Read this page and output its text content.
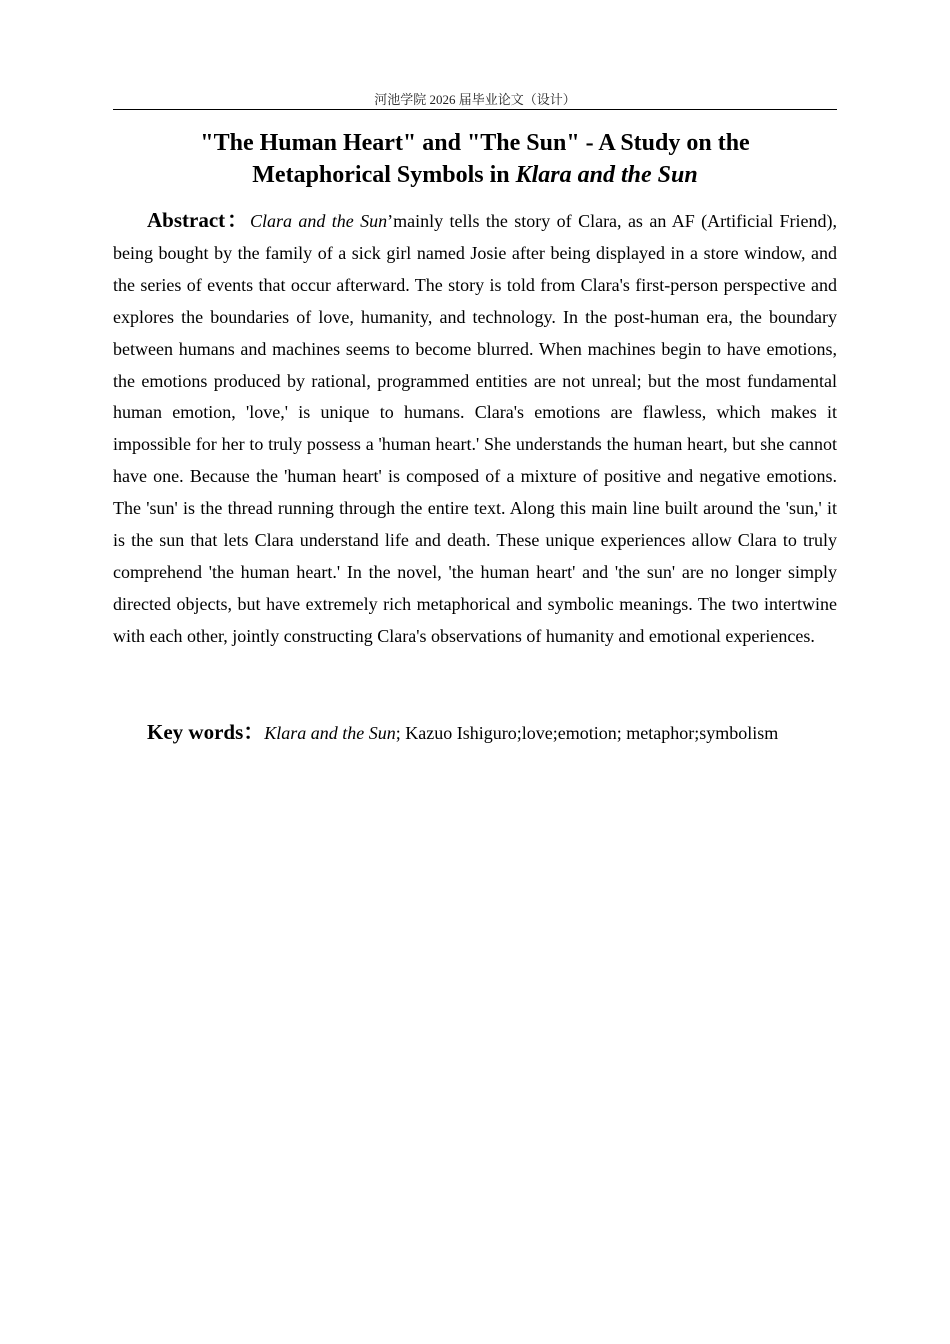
河池学院 2026 届毕业论文（设计）
"The Human Heart" and "The Sun" - A Study on the
Metaphorical Symbols in Klara and the Sun

Abstract：Clara and the Sun’mainly tells the story of Clara, as an AF (Artificial Friend), being bought by the family of a sick girl named Josie after being displayed in a store window, and the series of events that occur afterward. The story is told from Clara's first-person perspective and explores the boundaries of love, humanity, and technology. In the post-human era, the boundary between humans and machines seems to become blurred. When machines begin to have emotions, the emotions produced by rational, programmed entities are not unreal; but the most fundamental human emotion, 'love,' is unique to humans. Clara's emotions are flawless, which makes it impossible for her to truly possess a 'human heart.' She understands the human heart, but she cannot have one. Because the 'human heart' is composed of a mixture of positive and negative emotions. The 'sun' is the thread running through the entire text. Along this main line built around the 'sun,' it is the sun that lets Clara understand life and death. These unique experiences allow Clara to truly comprehend 'the human heart.' In the novel, 'the human heart' and 'the sun' are no longer simply directed objects, but have extremely rich metaphorical and symbolic meanings. The two intertwine with each other, jointly constructing Clara's observations of humanity and emotional experiences.

Key words：Klara and the Sun; Kazuo Ishiguro;love;emotion; metaphor;symbolism
